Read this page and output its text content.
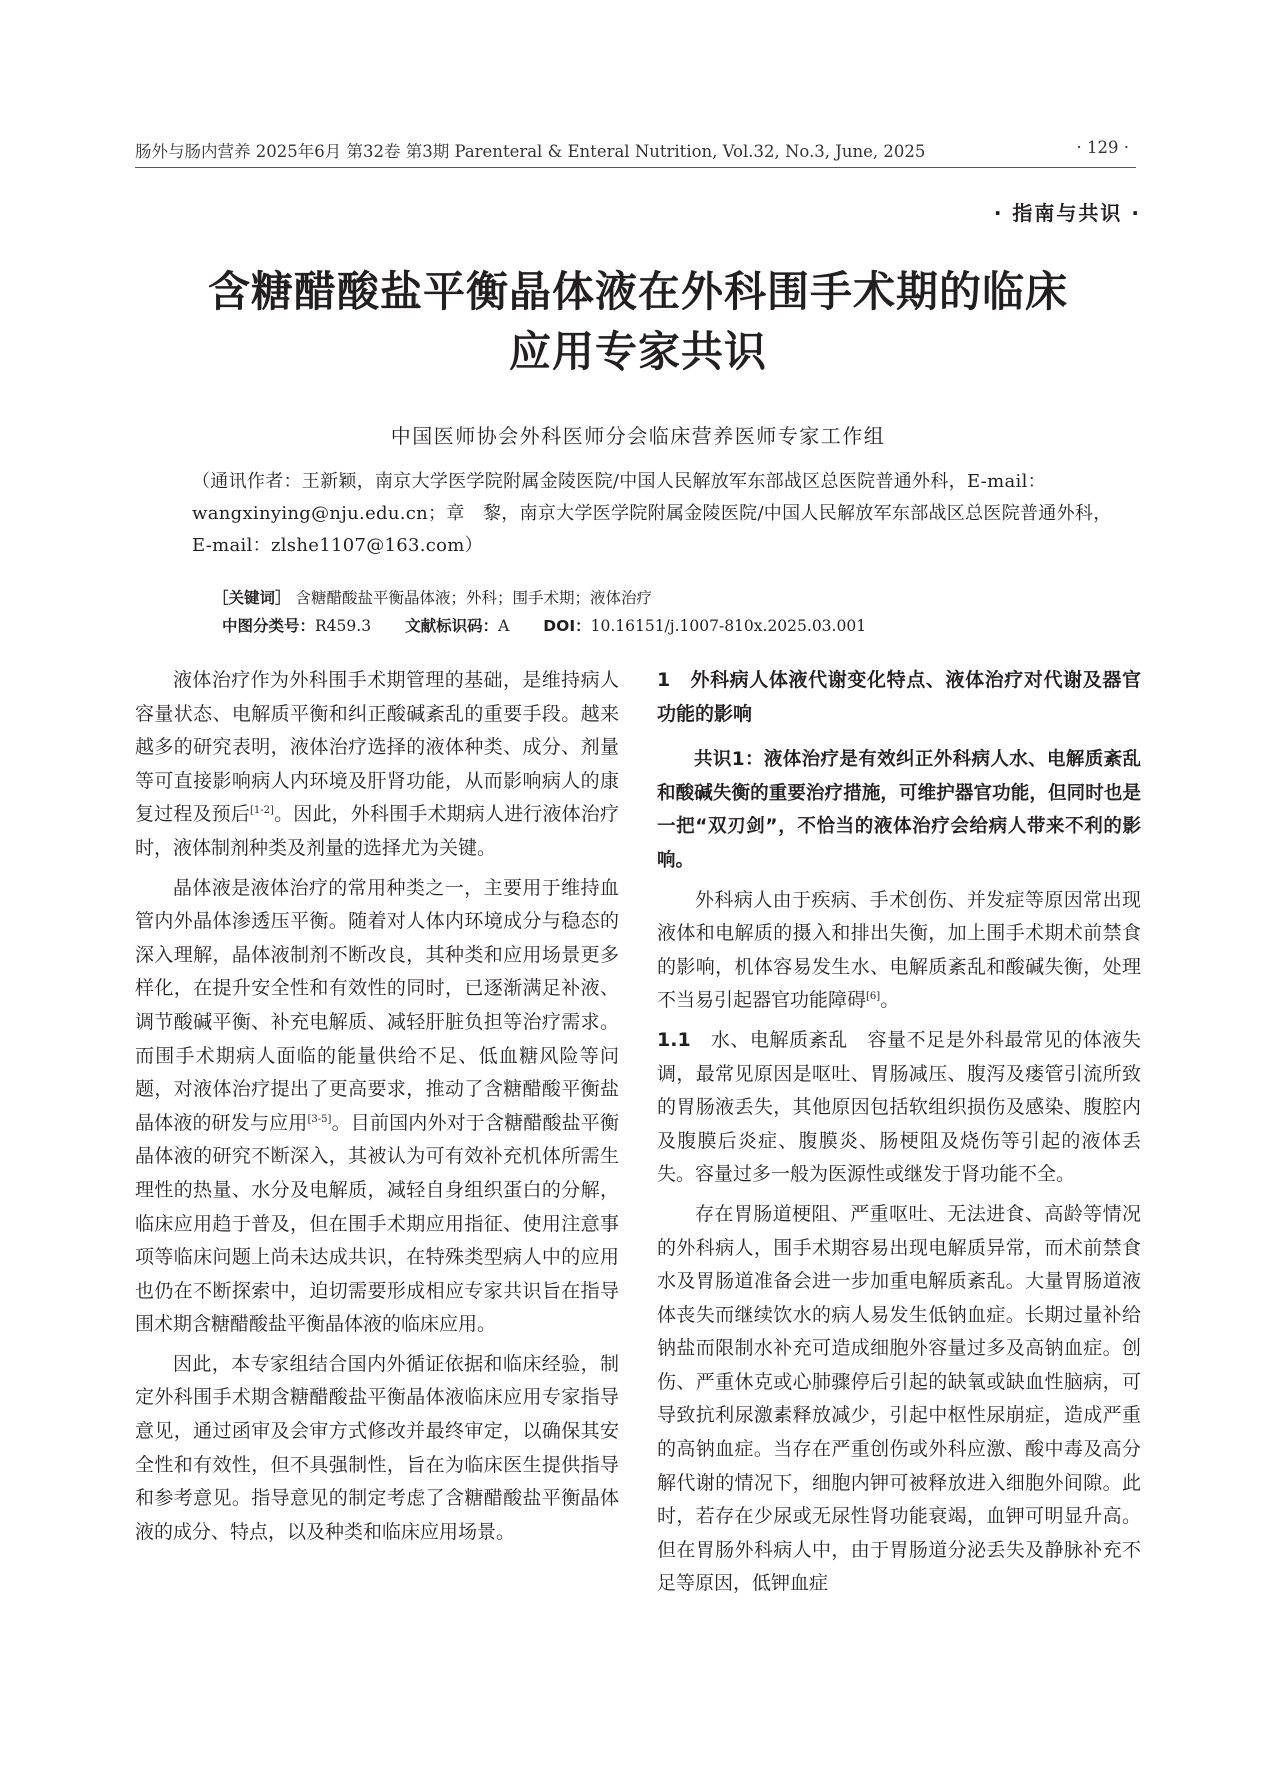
肠外与肠内营养 2025年6月 第32卷 第3期 Parenteral & Enteral Nutrition, Vol.32, No.3, June, 2025	· 129 ·
· 指南与共识 ·
含糖醋酸盐平衡晶体液在外科围手术期的临床
应用专家共识
中国医师协会外科医师分会临床营养医师专家工作组
（通讯作者：王新颖，南京大学医学院附属金陵医院/中国人民解放军东部战区总医院普通外科，E-mail：wangxinying@nju.edu.cn；章　黎，南京大学医学院附属金陵医院/中国人民解放军东部战区总医院普通外科，E-mail：zlshe1107@163.com）
［关键词］ 含糖醋酸盐平衡晶体液；外科；围手术期；液体治疗
中图分类号：R459.3 文献标识码：A DOI：10.16151/j.1007-810x.2025.03.001

液体治疗作为外科围手术期管理的基础，是维持病人容量状态、电解质平衡和纠正酸碱紊乱的重要手段。越来越多的研究表明，液体治疗选择的液体种类、成分、剂量等可直接影响病人内环境及肝肾功能，从而影响病人的康复过程及预后[1-2]。因此，外科围手术期病人进行液体治疗时，液体制剂种类及剂量的选择尤为关键。

晶体液是液体治疗的常用种类之一，主要用于维持血管内外晶体渗透压平衡。随着对人体内环境成分与稳态的深入理解，晶体液制剂不断改良，其种类和应用场景更多样化，在提升安全性和有效性的同时，已逐渐满足补液、调节酸碱平衡、补充电解质、减轻肝脏负担等治疗需求。而围手术期病人面临的能量供给不足、低血糖风险等问题，对液体治疗提出了更高要求，推动了含糖醋酸平衡盐晶体液的研发与应用[3-5]。目前国内外对于含糖醋酸盐平衡晶体液的研究不断深入，其被认为可有效补充机体所需生理性的热量、水分及电解质，减轻自身组织蛋白的分解，临床应用趋于普及，但在围手术期应用指征、使用注意事项等临床问题上尚未达成共识，在特殊类型病人中的应用也仍在不断探索中，迫切需要形成相应专家共识旨在指导围术期含糖醋酸盐平衡晶体液的临床应用。

因此，本专家组结合国内外循证依据和临床经验，制定外科围手术期含糖醋酸盐平衡晶体液临床应用专家指导意见，通过函审及会审方式修改并最终审定，以确保其安全性和有效性，但不具强制性，旨在为临床医生提供指导和参考意见。指导意见的制定考虑了含糖醋酸盐平衡晶体液的成分、特点，以及种类和临床应用场景。

1　外科病人体液代谢变化特点、液体治疗对代谢及器官功能的影响

共识1：液体治疗是有效纠正外科病人水、电解质紊乱和酸碱失衡的重要治疗措施，可维护器官功能，但同时也是一把“双刃剑”，不恰当的液体治疗会给病人带来不利的影响。

外科病人由于疾病、手术创伤、并发症等原因常出现液体和电解质的摄入和排出失衡，加上围手术期术前禁食的影响，机体容易发生水、电解质紊乱和酸碱失衡，处理不当易引起器官功能障碍[6]。

1.1　 水、电解质紊乱　 容量不足是外科最常见的体液失调，最常见原因是呕吐、胃肠减压、腹泻及瘘管引流所致的胃肠液丢失，其他原因包括软组织损伤及感染、腹腔内及腹膜后炎症、腹膜炎、肠梗阻及烧伤等引起的液体丢失。容量过多一般为医源性或继发于肾功能不全。

存在胃肠道梗阻、严重呕吐、无法进食、高龄等情况的外科病人，围手术期容易出现电解质异常，而术前禁食水及胃肠道准备会进一步加重电解质紊乱。大量胃肠道液体丧失而继续饮水的病人易发生低钠血症。长期过量补给钠盐而限制水补充可造成细胞外容量过多及高钠血症。创伤、严重休克或心肺骤停后引起的缺氧或缺血性脑病，可导致抗利尿激素释放减少，引起中枢性尿崩症，造成严重的高钠血症。当存在严重创伤或外科应激、酸中毒及高分解代谢的情况下，细胞内钾可被释放进入细胞外间隙。此时，若存在少尿或无尿性肾功能衰竭，血钾可明显升高。但在胃肠外科病人中，由于胃肠道分泌丢失及静脉补充不足等原因，低钾血症
